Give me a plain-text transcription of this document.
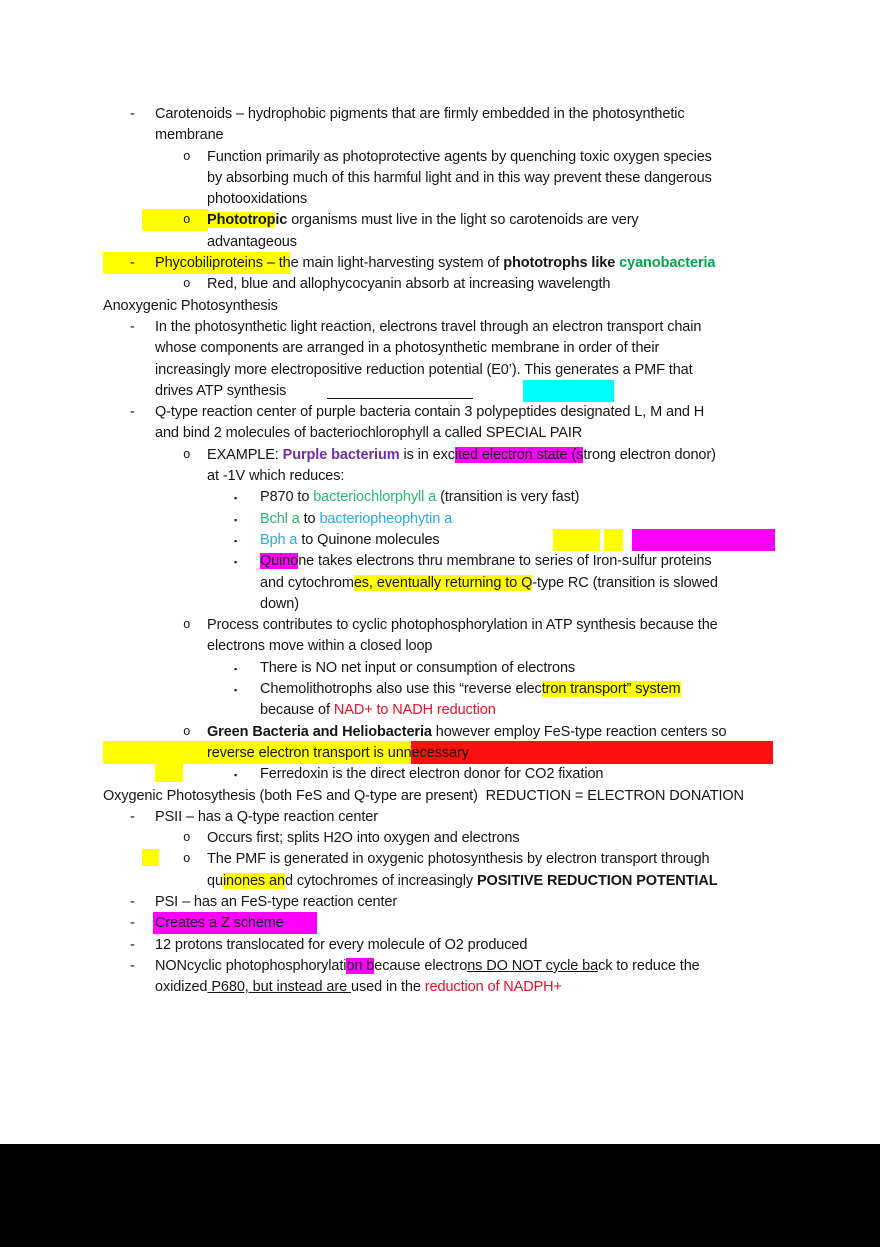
- Carotenoids – hydrophobic pigments that are firmly embedded in the photosynthetic
membrane
o Function primarily as photoprotective agents by quenching toxic oxygen species
by absorbing much of this harmful light and in this way prevent these dangerous
photooxidations
o Phototropic organisms must live in the light so carotenoids are very
advantageous
- Phycobiliproteins – the main light-harvesting system of phototrophs like cyanobacteria
o Red, blue and allophycocyanin absorb at increasing wavelength
Anoxygenic Photosynthesis
- In the photosynthetic light reaction, electrons travel through an electron transport chain
whose components are arranged in a photosynthetic membrane in order of their
increasingly more electropositive reduction potential (E0’). This generates a PMF that
drives ATP synthesis
- Q-type reaction center of purple bacteria contain 3 polypeptides designated L, M and H
and bind 2 molecules of bacteriochlorophyll a called SPECIAL PAIR
o EXAMPLE: Purple bacterium is in excited electron state (strong electron donor)
at -1V which reduces:
▪ P870 to bacteriochlorphyll a (transition is very fast)
▪ Bchl a to bacteriopheophytin a
▪ Bph a to Quinone molecules
▪ Quinone takes electrons thru membrane to series of Iron-sulfur proteins
and cytochromes, eventually returning to Q-type RC (transition is slowed
down)
o Process contributes to cyclic photophosphorylation in ATP synthesis because the
electrons move within a closed loop
▪ There is NO net input or consumption of electrons
▪ Chemolithotrophs also use this “reverse electron transport” system
because of NAD+ to NADH reduction
o Green Bacteria and Heliobacteria however employ FeS-type reaction centers so
reverse electron transport is unnecessary
▪ Ferredoxin is the direct electron donor for CO2 fixation
Oxygenic Photosythesis (both FeS and Q-type are present)  REDUCTION = ELECTRON DONATION
- PSII – has a Q-type reaction center
o Occurs first; splits H2O into oxygen and electrons
o The PMF is generated in oxygenic photosynthesis by electron transport through
quinones and cytochromes of increasingly POSITIVE REDUCTION POTENTIAL
- PSI – has an FeS-type reaction center
- Creates a Z scheme
- 12 protons translocated for every molecule of O2 produced
- NONcyclic photophosphorylation because electrons DO NOT cycle back to reduce the
oxidized P680, but instead are used in the reduction of NADPH+
